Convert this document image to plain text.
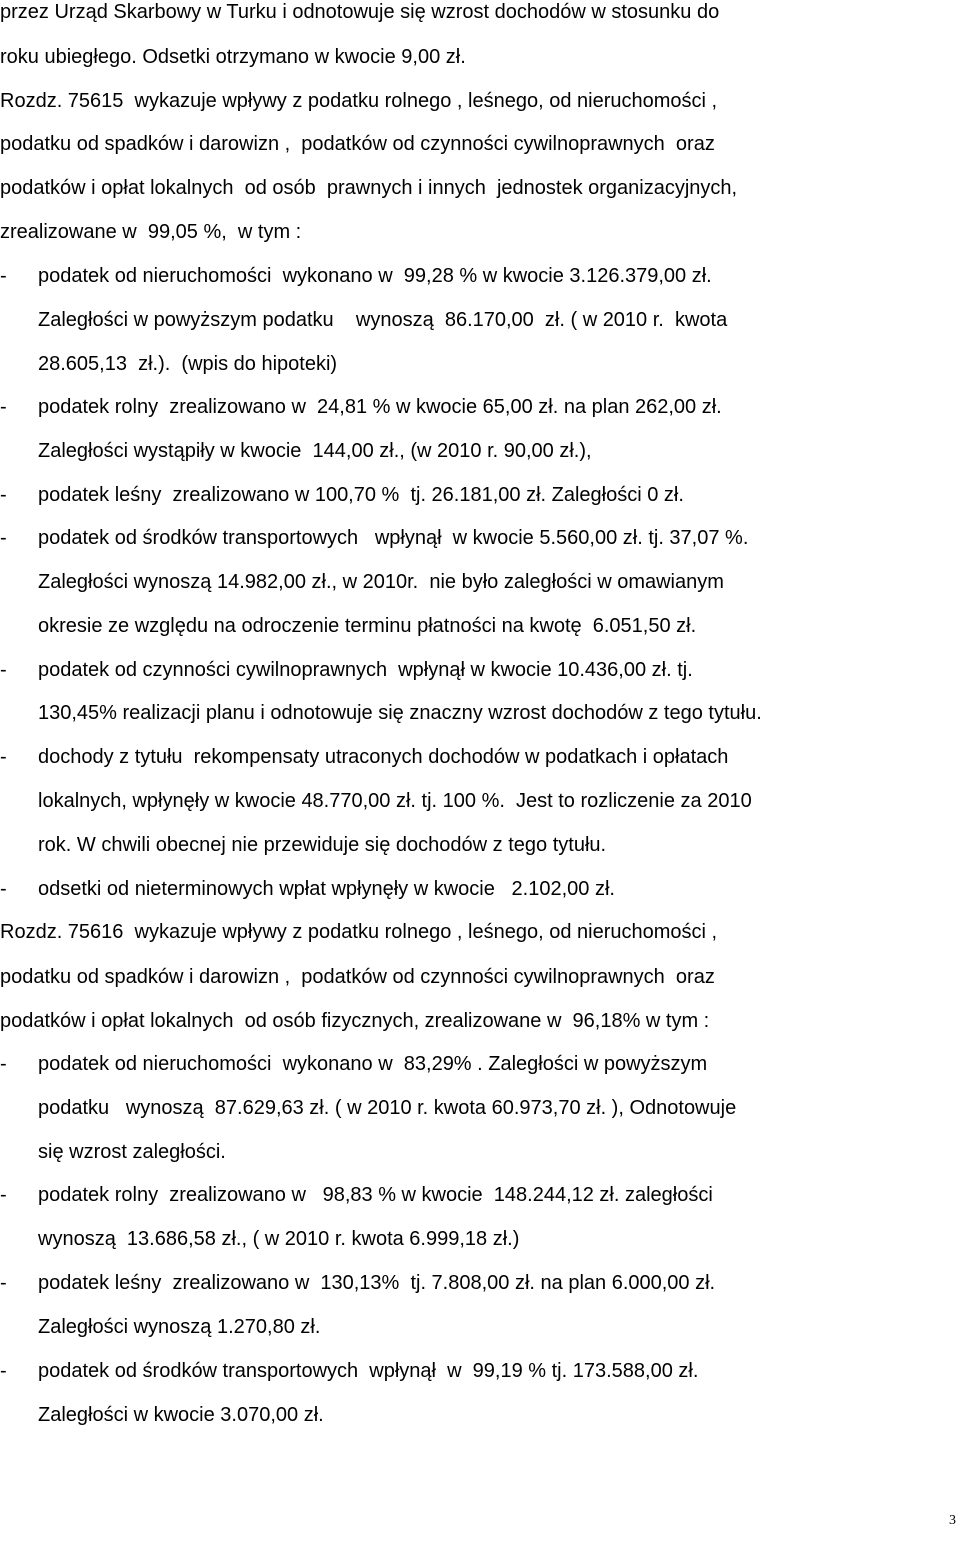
przez Urząd Skarbowy w Turku i odnotowuje się wzrost dochodów w stosunku do
roku ubiegłego. Odsetki otrzymano w kwocie 9,00 zł.
Rozdz. 75615  wykazuje wpływy z podatku rolnego , leśnego, od nieruchomości ,
podatku od spadków i darowizn ,  podatków od czynności cywilnoprawnych  oraz
podatków i opłat lokalnych  od osób  prawnych i innych  jednostek organizacyjnych,
zrealizowane w  99,05 %,  w tym :
- podatek od nieruchomości  wykonano w  99,28 % w kwocie 3.126.379,00 zł.
Zaległości w powyższym podatku    wynoszą  86.170,00  zł. ( w 2010 r.  kwota
28.605,13  zł.).  (wpis do hipoteki)
- podatek rolny  zrealizowano w  24,81 % w kwocie 65,00 zł. na plan 262,00 zł.
Zaległości wystąpiły w kwocie  144,00 zł., (w 2010 r. 90,00 zł.),
- podatek leśny  zrealizowano w 100,70 %  tj. 26.181,00 zł. Zaległości 0 zł.
- podatek od środków transportowych   wpłynął  w kwocie 5.560,00 zł. tj. 37,07 %.
Zaległości wynoszą 14.982,00 zł., w 2010r.  nie było zaległości w omawianym
okresie ze względu na odroczenie terminu płatności na kwotę  6.051,50 zł.
- podatek od czynności cywilnoprawnych  wpłynął w kwocie 10.436,00 zł. tj.
130,45% realizacji planu i odnotowuje się znaczny wzrost dochodów z tego tytułu.
- dochody z tytułu  rekompensaty utraconych dochodów w podatkach i opłatach
lokalnych, wpłynęły w kwocie 48.770,00 zł. tj. 100 %.  Jest to rozliczenie za 2010
rok. W chwili obecnej nie przewiduje się dochodów z tego tytułu.
- odsetki od nieterminowych wpłat wpłynęły w kwocie   2.102,00 zł.
Rozdz. 75616  wykazuje wpływy z podatku rolnego , leśnego, od nieruchomości ,
podatku od spadków i darowizn ,  podatków od czynności cywilnoprawnych  oraz
podatków i opłat lokalnych  od osób fizycznych, zrealizowane w  96,18% w tym :
- podatek od nieruchomości  wykonano w  83,29% . Zaległości w powyższym
podatku   wynoszą  87.629,63 zł. ( w 2010 r. kwota 60.973,70 zł. ), Odnotowuje
się wzrost zaległości.
- podatek rolny  zrealizowano w   98,83 % w kwocie  148.244,12 zł. zaległości
wynoszą  13.686,58 zł., ( w 2010 r. kwota 6.999,18 zł.)
- podatek leśny  zrealizowano w  130,13%  tj. 7.808,00 zł. na plan 6.000,00 zł.
Zaległości wynoszą 1.270,80 zł.
- podatek od środków transportowych  wpłynął  w  99,19 % tj. 173.588,00 zł.
Zaległości w kwocie 3.070,00 zł.
3
